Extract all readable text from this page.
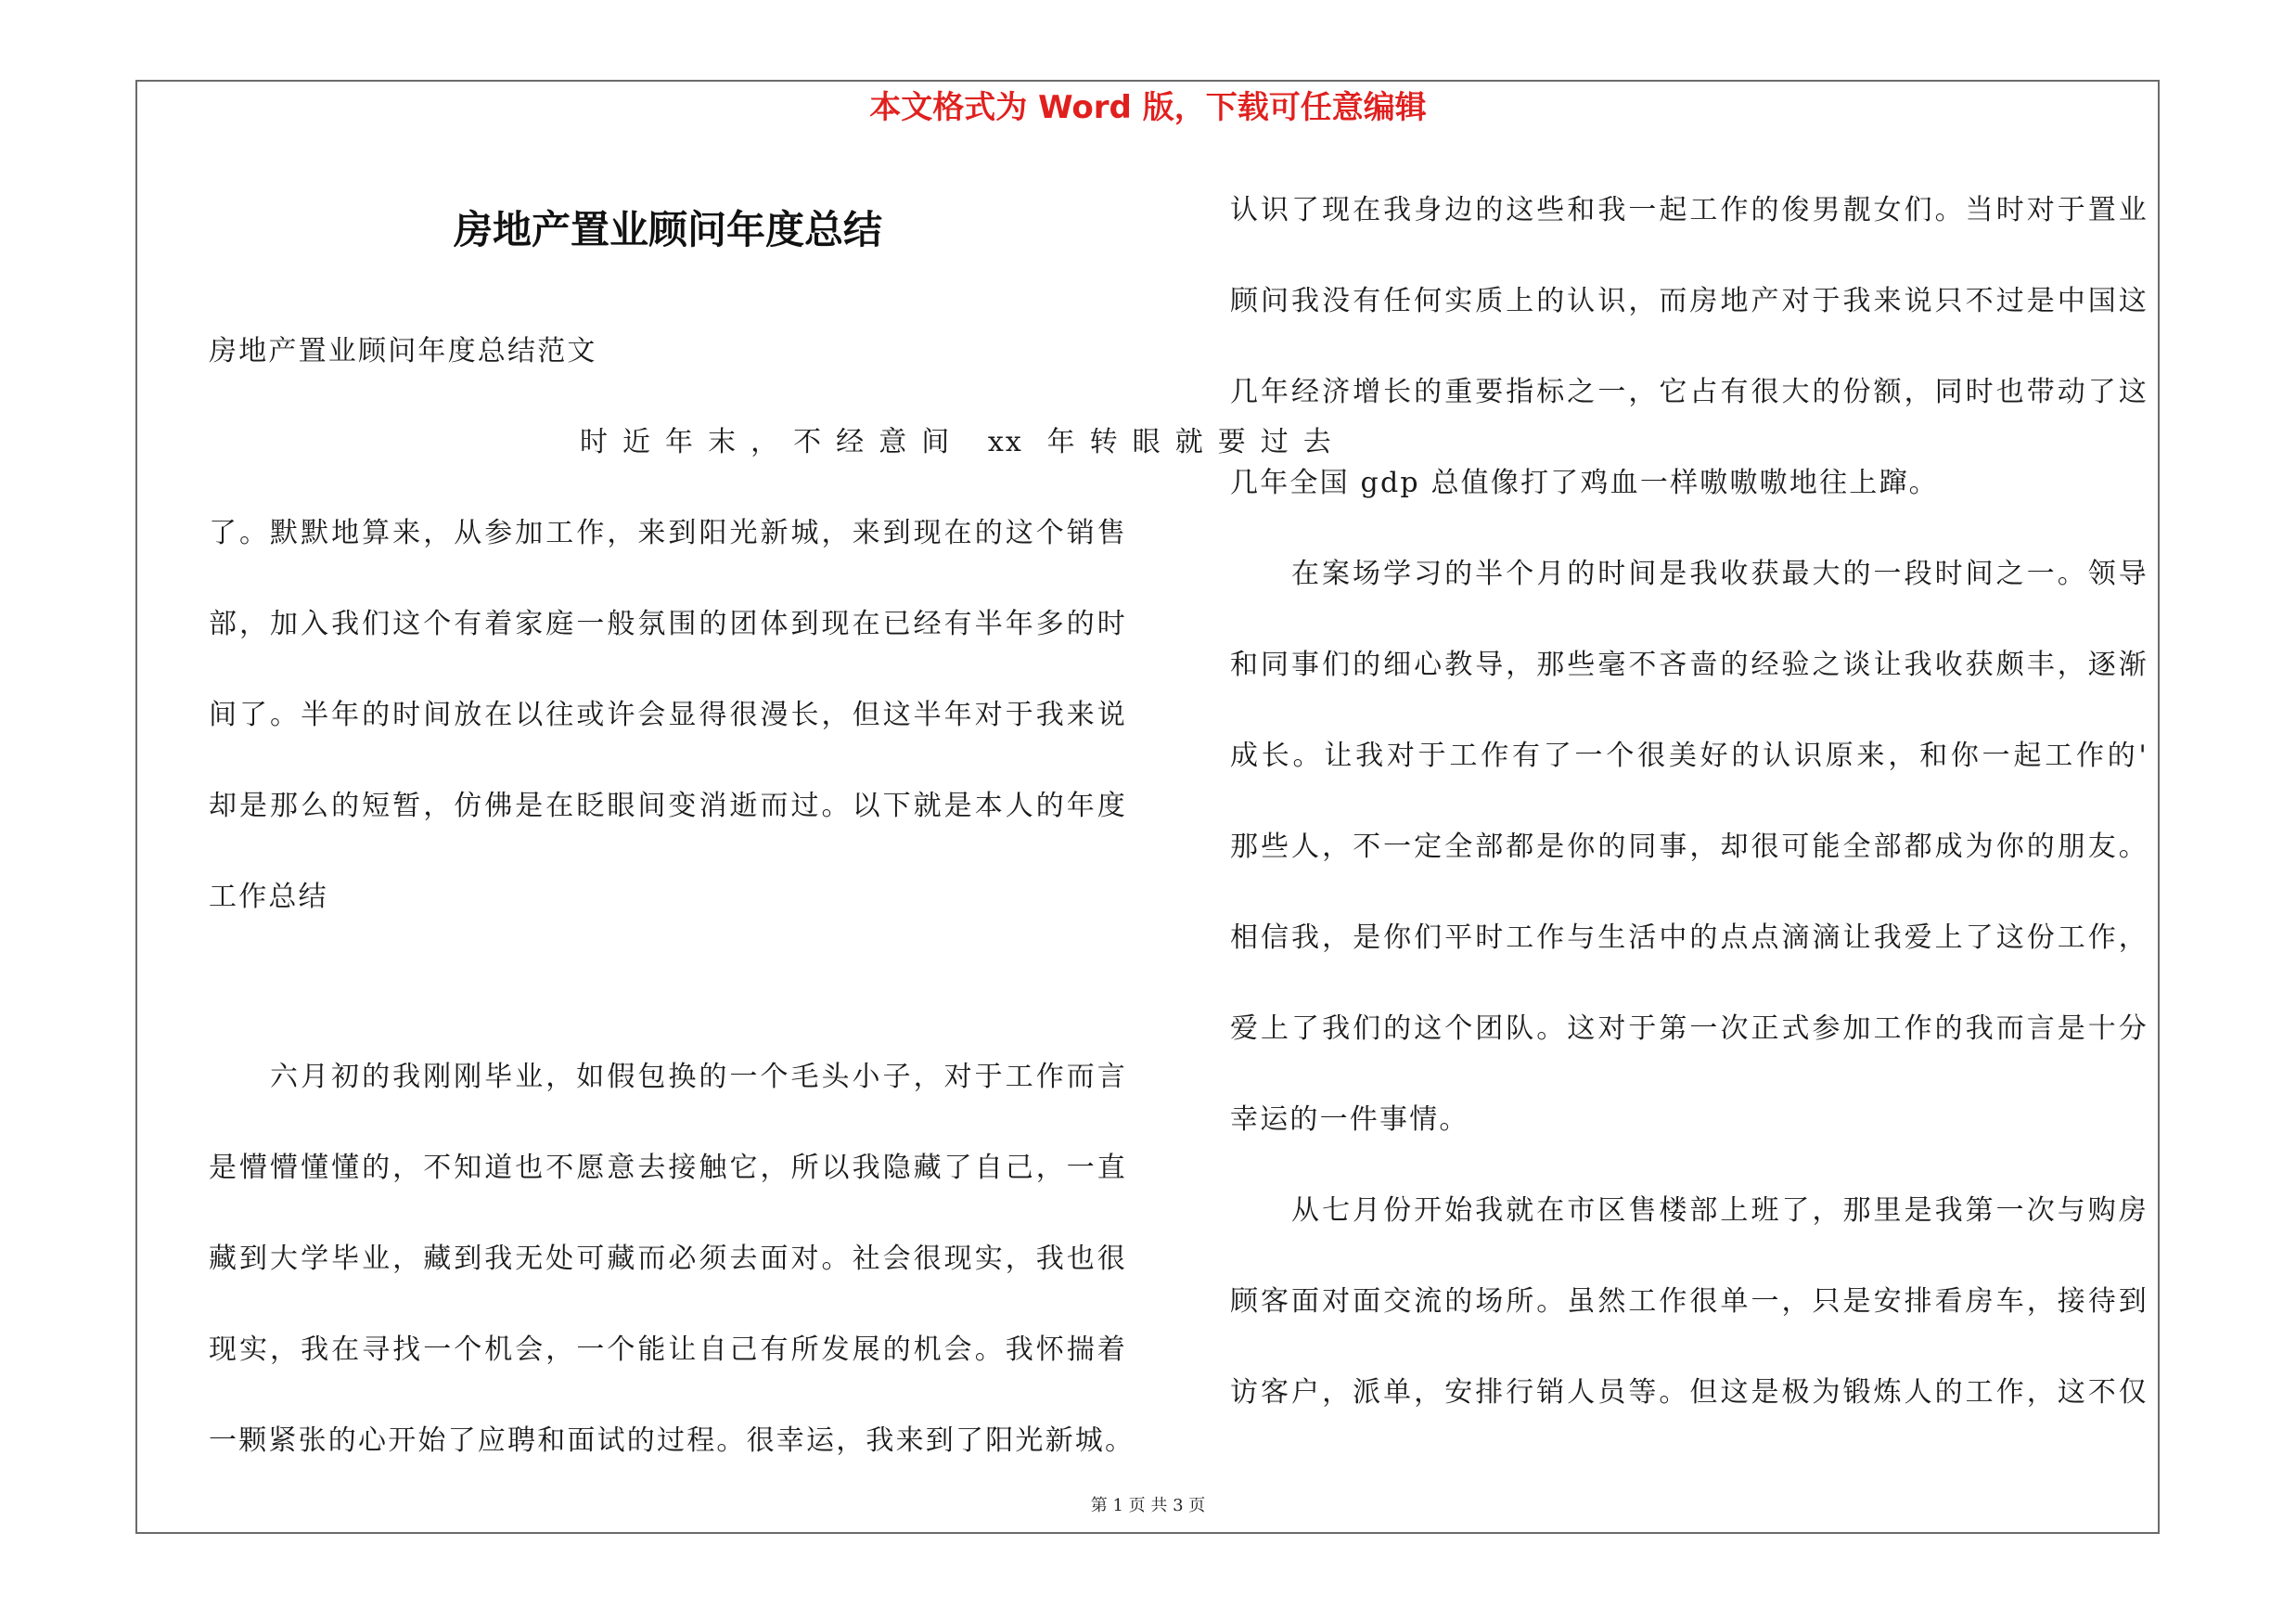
本文格式为 Word 版，下载可任意编辑
房地产置业顾问年度总结
房地产置业顾问年度总结范文
时近年末，不经意间 xx 年转眼就要过去
了。默默地算来，从参加工作，来到阳光新城，来到现在的这个销售
部，加入我们这个有着家庭一般氛围的团体到现在已经有半年多的时
间了。半年的时间放在以往或许会显得很漫长，但这半年对于我来说
却是那么的短暂，仿佛是在眨眼间变消逝而过。以下就是本人的年度
工作总结
六月初的我刚刚毕业，如假包换的一个毛头小子，对于工作而言
是懵懵懂懂的，不知道也不愿意去接触它，所以我隐藏了自己，一直
藏到大学毕业，藏到我无处可藏而必须去面对。社会很现实，我也很
现实，我在寻找一个机会，一个能让自己有所发展的机会。我怀揣着
一颗紧张的心开始了应聘和面试的过程。很幸运，我来到了阳光新城。
认识了现在我身边的这些和我一起工作的俊男靓女们。当时对于置业
顾问我没有任何实质上的认识，而房地产对于我来说只不过是中国这
几年经济增长的重要指标之一，它占有很大的份额，同时也带动了这
几年全国 gdp 总值像打了鸡血一样嗷嗷嗷地往上蹿。
在案场学习的半个月的时间是我收获最大的一段时间之一。领导
和同事们的细心教导，那些毫不吝啬的经验之谈让我收获颇丰，逐渐
成长。让我对于工作有了一个很美好的认识原来，和你一起工作的'
那些人，不一定全部都是你的同事，却很可能全部都成为你的朋友。
相信我，是你们平时工作与生活中的点点滴滴让我爱上了这份工作，
爱上了我们的这个团队。这对于第一次正式参加工作的我而言是十分
幸运的一件事情。
从七月份开始我就在市区售楼部上班了，那里是我第一次与购房
顾客面对面交流的场所。虽然工作很单一，只是安排看房车，接待到
访客户，派单，安排行销人员等。但这是极为锻炼人的工作，这不仅
第 1 页 共 3 页
